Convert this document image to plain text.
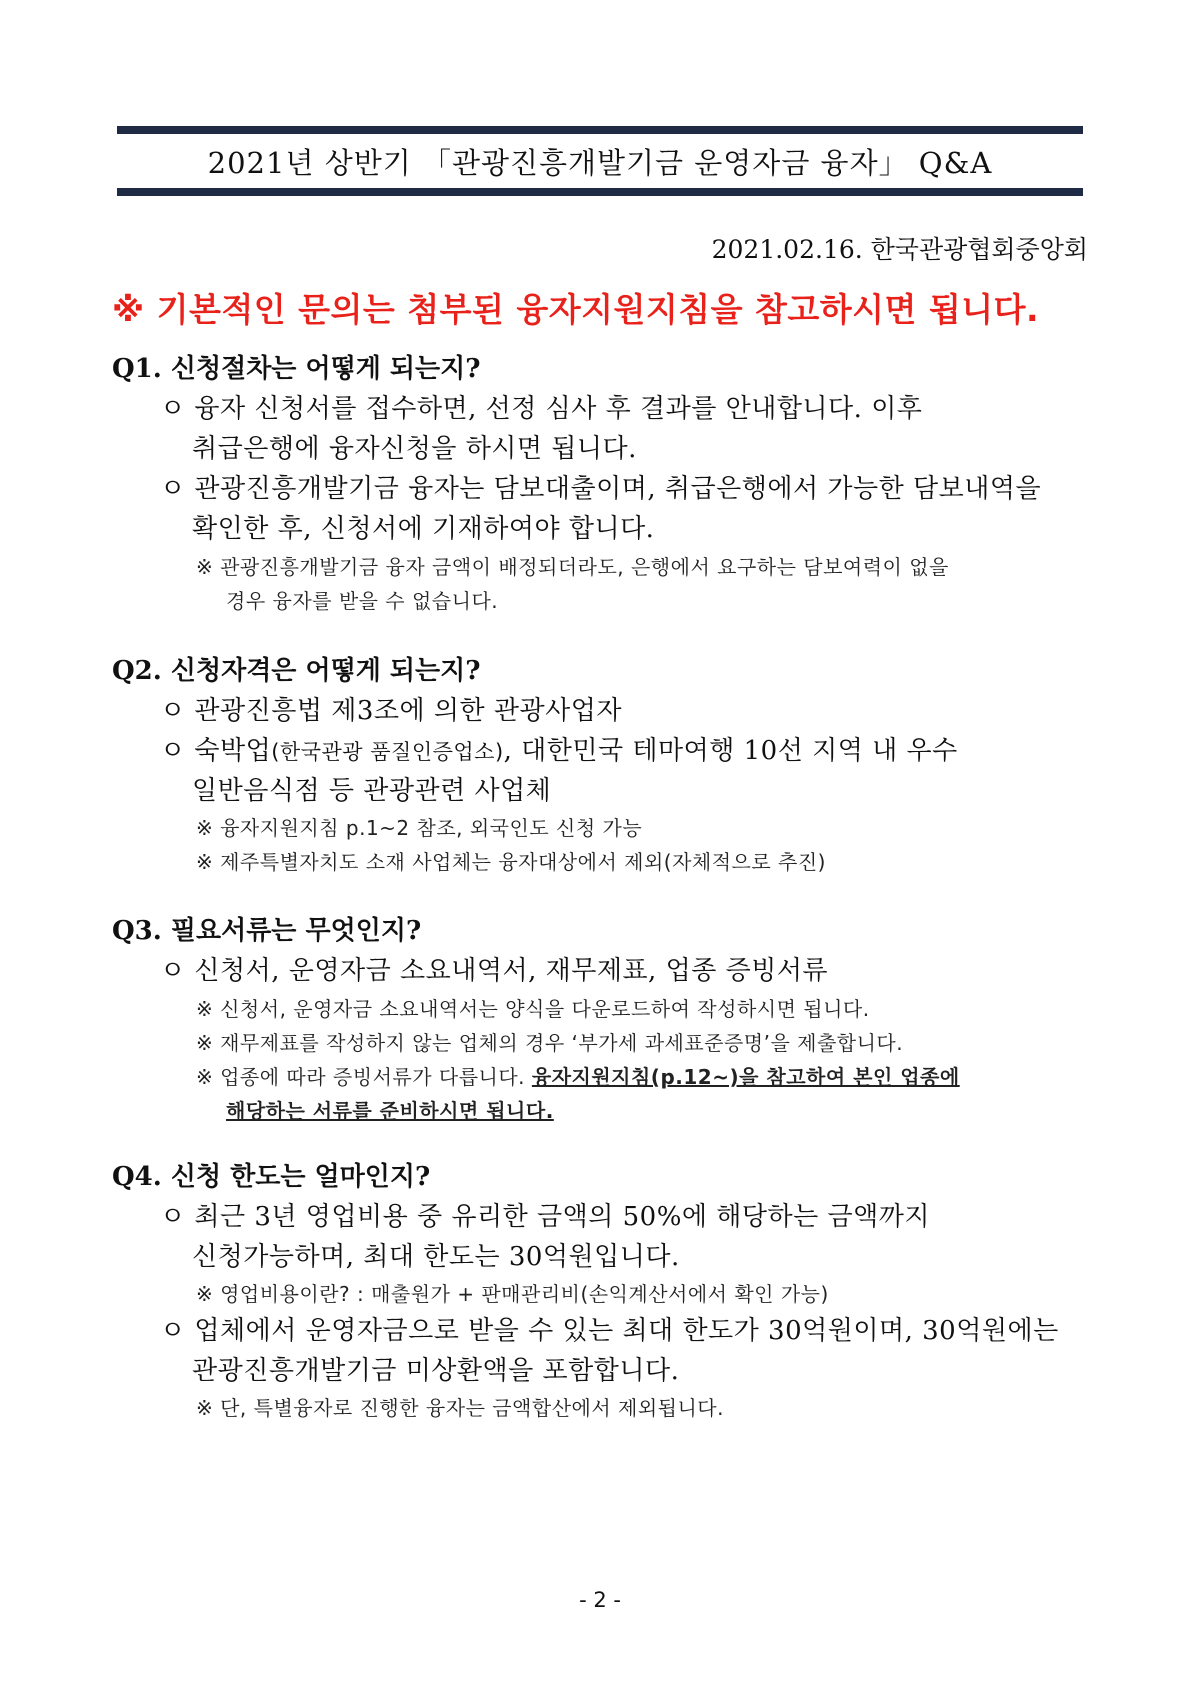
2021년 상반기 「관광진흥개발기금 운영자금 융자」 Q&A
2021.02.16. 한국관광협회중앙회
※ 기본적인 문의는 첨부된 융자지원지침을 참고하시면 됩니다.
Q1. 신청절차는 어떻게 되는지?
ㅇ 융자 신청서를 접수하면, 선정 심사 후 결과를 안내합니다. 이후
취급은행에 융자신청을 하시면 됩니다.
ㅇ 관광진흥개발기금 융자는 담보대출이며, 취급은행에서 가능한 담보내역을
확인한 후, 신청서에 기재하여야 합니다.
※ 관광진흥개발기금 융자 금액이 배정되더라도, 은행에서 요구하는 담보여력이 없을
경우 융자를 받을 수 없습니다.
Q2. 신청자격은 어떻게 되는지?
ㅇ 관광진흥법 제3조에 의한 관광사업자
ㅇ 숙박업(한국관광 품질인증업소), 대한민국 테마여행 10선 지역 내 우수
일반음식점 등 관광관련 사업체
※ 융자지원지침 p.1~2 참조, 외국인도 신청 가능
※ 제주특별자치도 소재 사업체는 융자대상에서 제외(자체적으로 추진)
Q3. 필요서류는 무엇인지?
ㅇ 신청서, 운영자금 소요내역서, 재무제표, 업종 증빙서류
※ 신청서, 운영자금 소요내역서는 양식을 다운로드하여 작성하시면 됩니다.
※ 재무제표를 작성하지 않는 업체의 경우 ‘부가세 과세표준증명’을 제출합니다.
※ 업종에 따라 증빙서류가 다릅니다. 융자지원지침(p.12~)을 참고하여 본인 업종에
해당하는 서류를 준비하시면 됩니다.
Q4. 신청 한도는 얼마인지?
ㅇ 최근 3년 영업비용 중 유리한 금액의 50%에 해당하는 금액까지
신청가능하며, 최대 한도는 30억원입니다.
※ 영업비용이란? : 매출원가 + 판매관리비(손익계산서에서 확인 가능)
ㅇ 업체에서 운영자금으로 받을 수 있는 최대 한도가 30억원이며, 30억원에는
관광진흥개발기금 미상환액을 포함합니다.
※ 단, 특별융자로 진행한 융자는 금액합산에서 제외됩니다.
- 2 -
